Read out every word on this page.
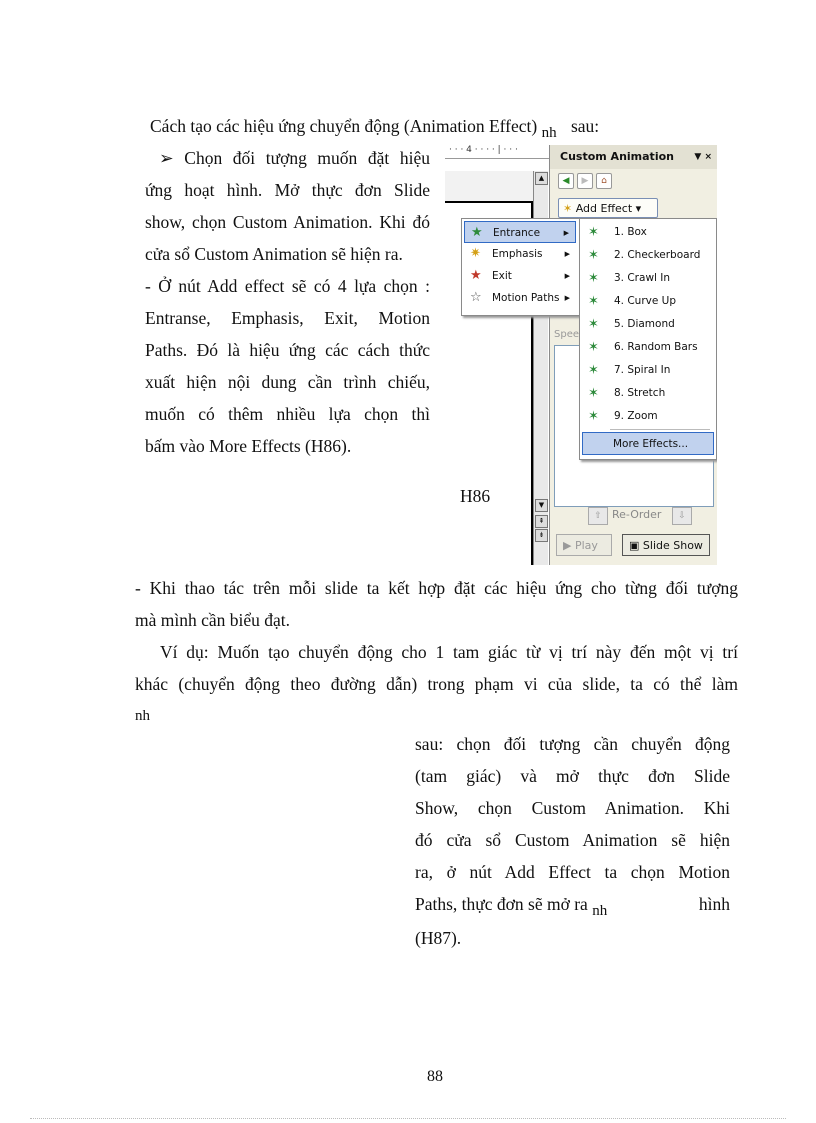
Cách tạo các hiệu ứng chuyển động (Animation Effect) nh sau:
➢ Chọn đối tượng muốn đặt hiệu
ứng hoạt hình. Mở thực đơn Slide
show, chọn Custom Animation. Khi đó
cửa sổ Custom Animation sẽ hiện ra.
- Ở nút Add effect sẽ có 4 lựa chọn :
Entranse, Emphasis, Exit, Motion
Paths. Đó là hiệu ứng các cách thức
xuất hiện nội dung cần trình chiếu,
muốn có thêm nhiều lựa chọn thì
bấm vào More Effects (H86).
· · · 4 · · · · | · · ·
▲
▼
⇞
⇟
Custom Animation ▼ ×
◀ ▶ ⌂
✶ Add Effect ▾
Spee
⇧ Re-Order	⇩
▶ Play	▣ Slide Show
★ Entrance	▶
✷ Emphasis	▶
★ Exit	▶
☆ Motion Paths ▶
✶ 1. Box
✶ 2. Checkerboard
✶ 3. Crawl In
✶ 4. Curve Up
✶ 5. Diamond
✶ 6. Random Bars
✶ 7. Spiral In
✶ 8. Stretch
✶ 9. Zoom
More Effects...
H86
- Khi thao tác trên mỗi slide ta kết hợp đặt các hiệu ứng cho từng đối tượng
mà mình cần biểu đạt.
Ví dụ: Muốn tạo chuyển động cho 1 tam giác từ vị trí này đến một vị trí
khác (chuyển động theo đường dẫn) trong phạm vi của slide, ta có thể làm
nh
sau: chọn đối tượng cần chuyển động
(tam giác) và mở thực đơn Slide
Show, chọn Custom Animation. Khi
đó cửa sổ Custom Animation sẽ hiện
ra, ở nút Add Effect ta chọn Motion
Paths, thực đơn sẽ mở ra nh	hình
(H87).
88
